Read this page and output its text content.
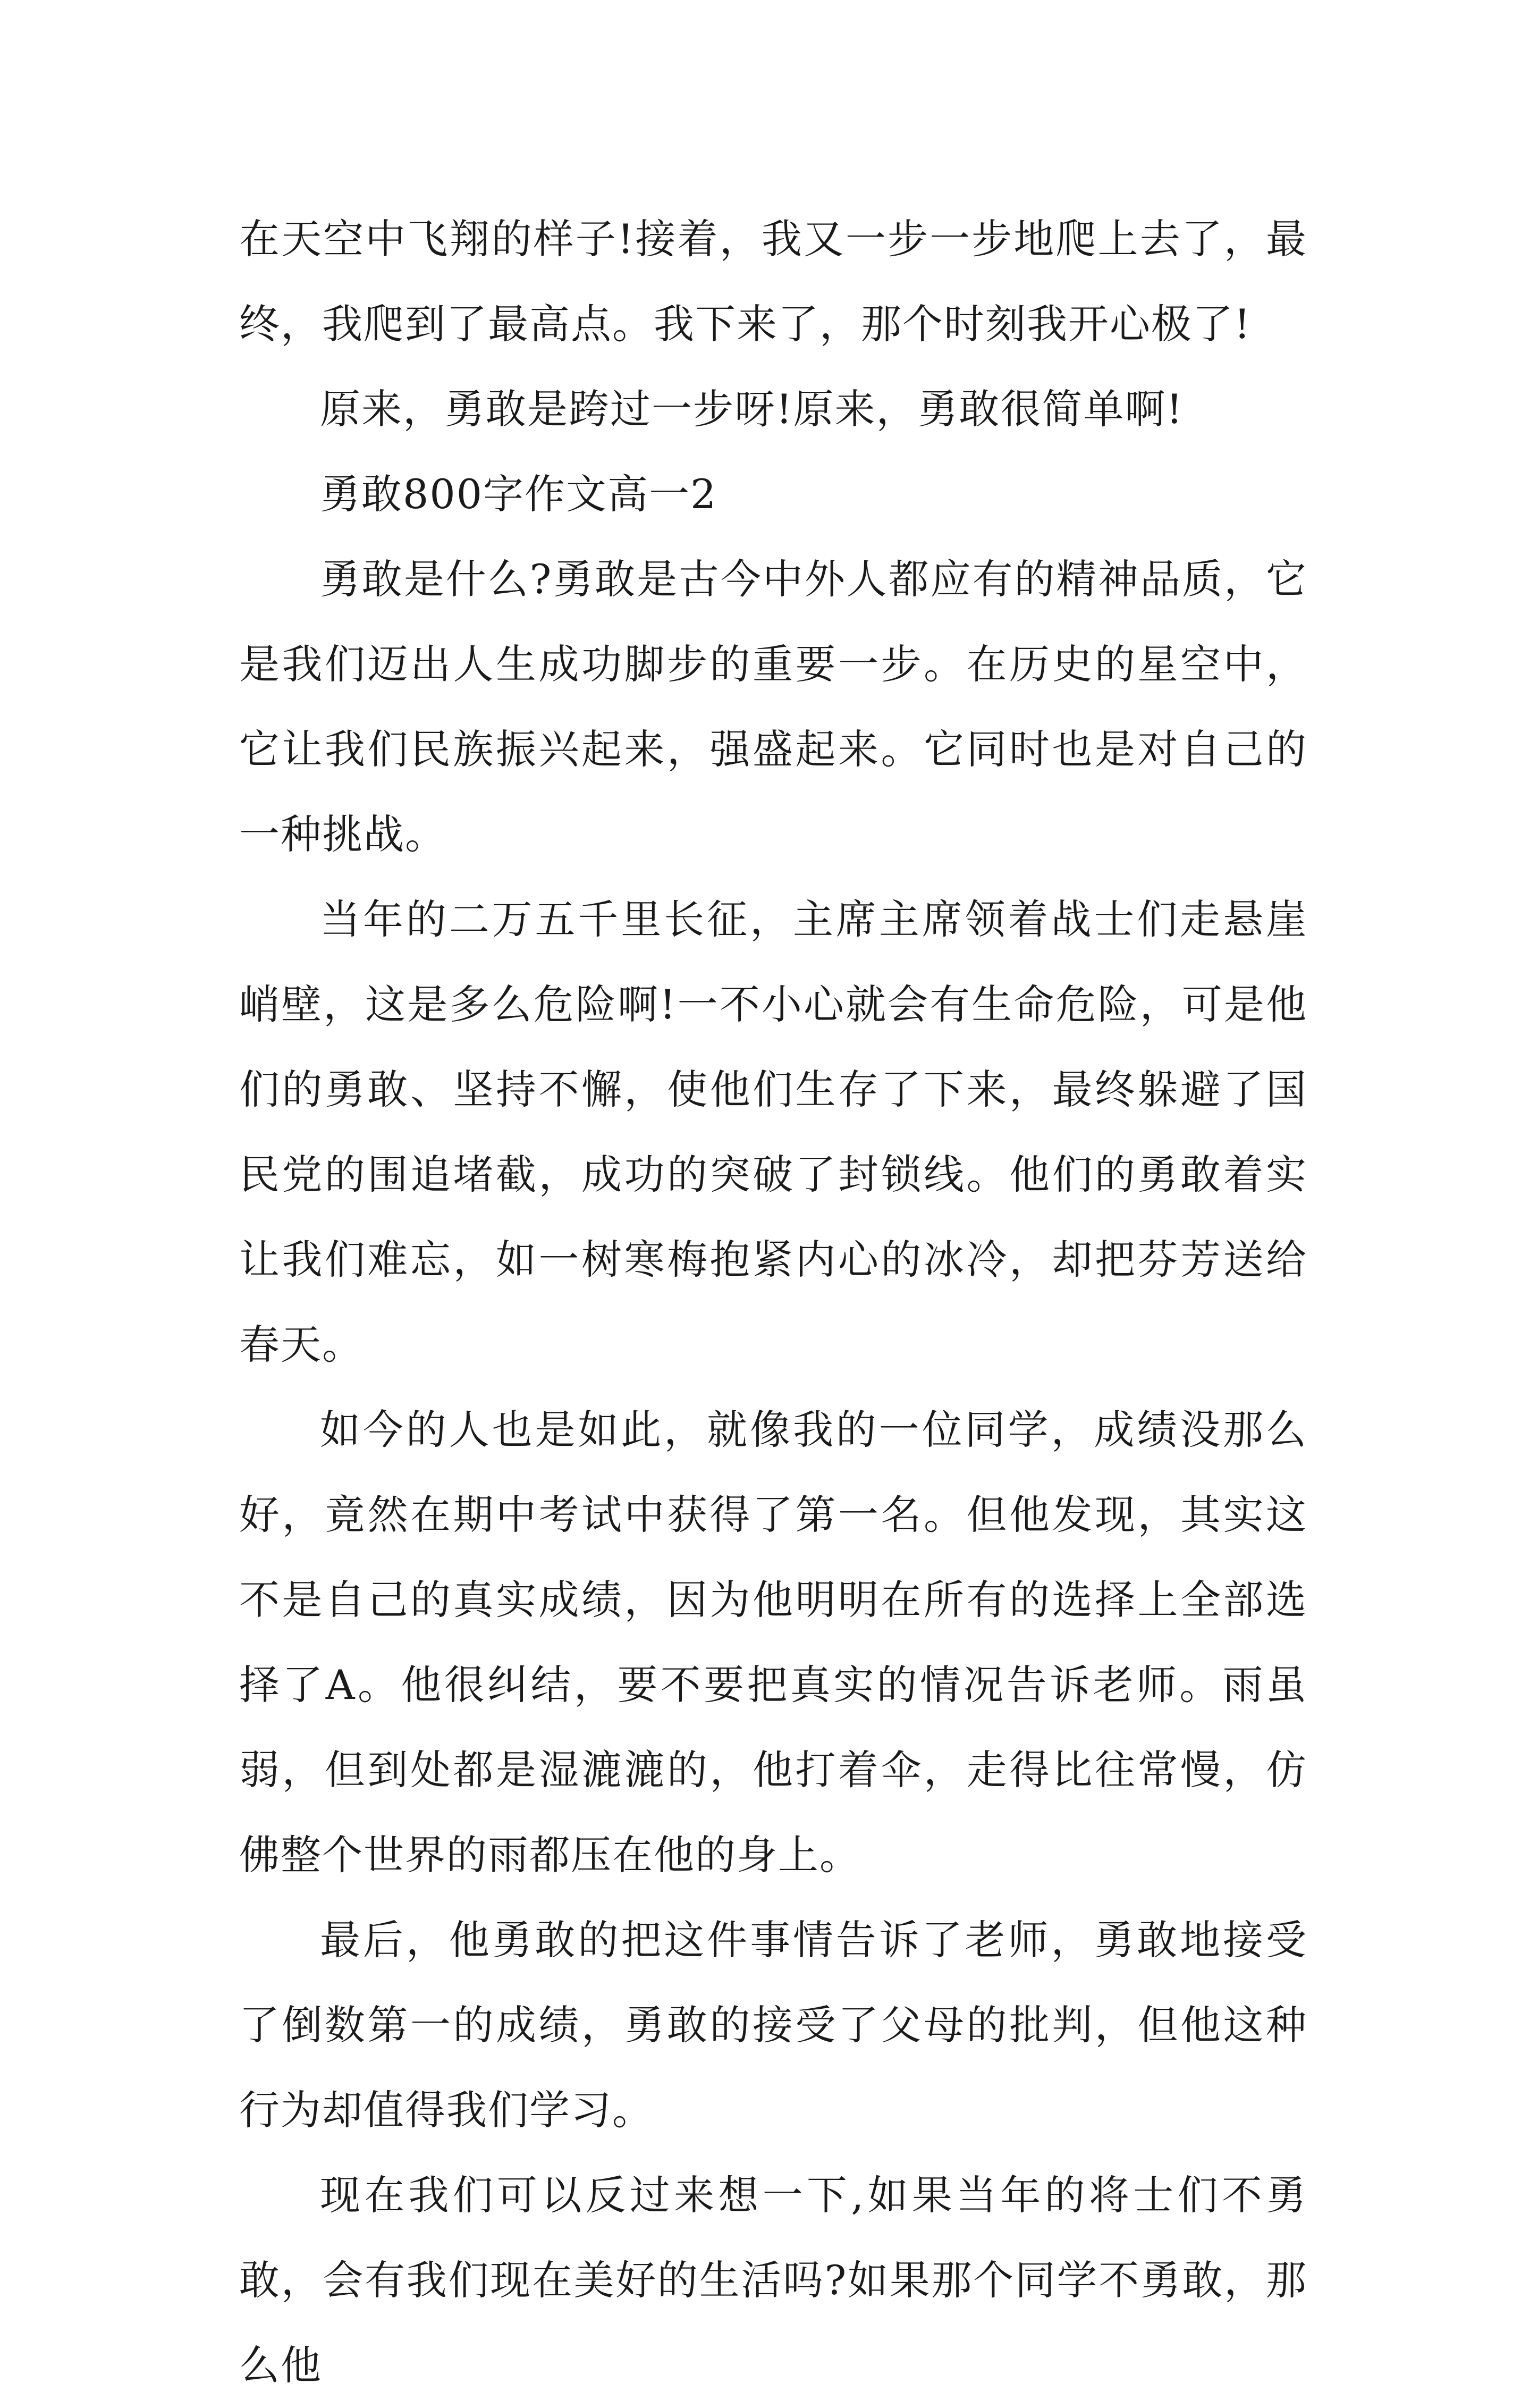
在天空中飞翔的样子!接着，我又一步一步地爬上去了，最终，我爬到了最高点。我下来了，那个时刻我开心极了!

原来，勇敢是跨过一步呀!原来，勇敢很简单啊!

勇敢800字作文高一2

勇敢是什么?勇敢是古今中外人都应有的精神品质，它是我们迈出人生成功脚步的重要一步。在历史的星空中，它让我们民族振兴起来，强盛起来。它同时也是对自己的一种挑战。

当年的二万五千里长征，主席主席领着战士们走悬崖峭壁，这是多么危险啊!一不小心就会有生命危险，可是他们的勇敢、坚持不懈，使他们生存了下来，最终躲避了国民党的围追堵截，成功的突破了封锁线。他们的勇敢着实让我们难忘，如一树寒梅抱紧内心的冰冷，却把芬芳送给春天。

如今的人也是如此，就像我的一位同学，成绩没那么好，竟然在期中考试中获得了第一名。但他发现，其实这不是自己的真实成绩，因为他明明在所有的选择上全部选择了A。他很纠结，要不要把真实的情况告诉老师。雨虽弱，但到处都是湿漉漉的，他打着伞，走得比往常慢，仿佛整个世界的雨都压在他的身上。

最后，他勇敢的把这件事情告诉了老师，勇敢地接受了倒数第一的成绩，勇敢的接受了父母的批判，但他这种行为却值得我们学习。

现在我们可以反过来想一下,如果当年的将士们不勇敢，会有我们现在美好的生活吗?如果那个同学不勇敢，那么他
